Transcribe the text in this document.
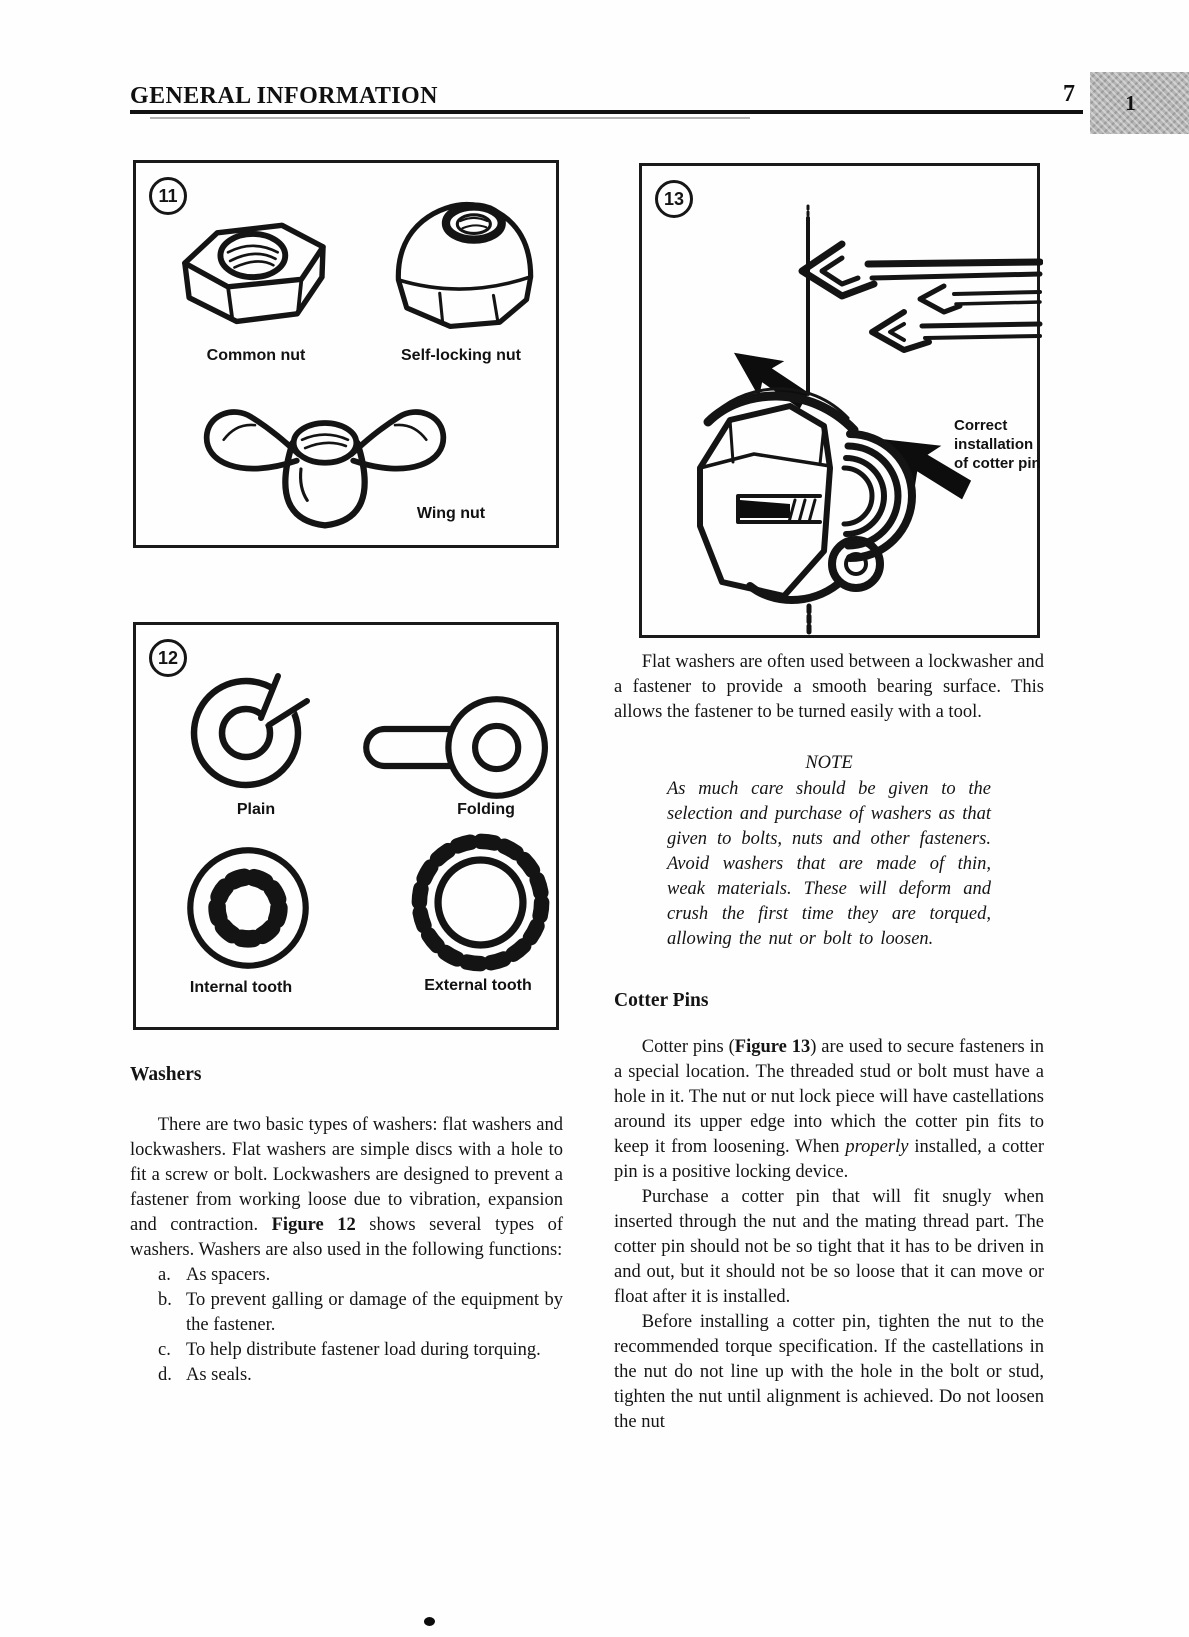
GENERAL INFORMATION	7	1
11
Common nut	Self-locking nut
Wing nut
12
Plain	Folding
Internal tooth	External tooth
13
Correct installation of cotter pin
Washers

There are two basic types of washers: flat washers and lockwashers. Flat washers are simple discs with a hole to fit a screw or bolt. Lockwashers are designed to prevent a fastener from working loose due to vibration, expansion and contraction. Figure 12 shows several types of washers. Washers are also used in the following functions:

a. As spacers.
b. To prevent galling or damage of the equipment by the fastener.
c. To help distribute fastener load during torquing.
d. As seals.

Flat washers are often used between a lockwasher and a fastener to provide a smooth bearing surface. This allows the fastener to be turned easily with a tool.

NOTE
As much care should be given to the selection and purchase of washers as that given to bolts, nuts and other fasteners. Avoid washers that are made of thin, weak materials. These will deform and crush the first time they are torqued, allowing the nut or bolt to loosen.
Cotter Pins

Cotter pins (Figure 13) are used to secure fasteners in a special location. The threaded stud or bolt must have a hole in it. The nut or nut lock piece will have castellations around its upper edge into which the cotter pin fits to keep it from loosening. When properly installed, a cotter pin is a positive locking device.

Purchase a cotter pin that will fit snugly when inserted through the nut and the mating thread part. The cotter pin should not be so tight that it has to be driven in and out, but it should not be so loose that it can move or float after it is installed.

Before installing a cotter pin, tighten the nut to the recommended torque specification. If the castellations in the nut do not line up with the hole in the bolt or stud, tighten the nut until alignment is achieved. Do not loosen the nut
